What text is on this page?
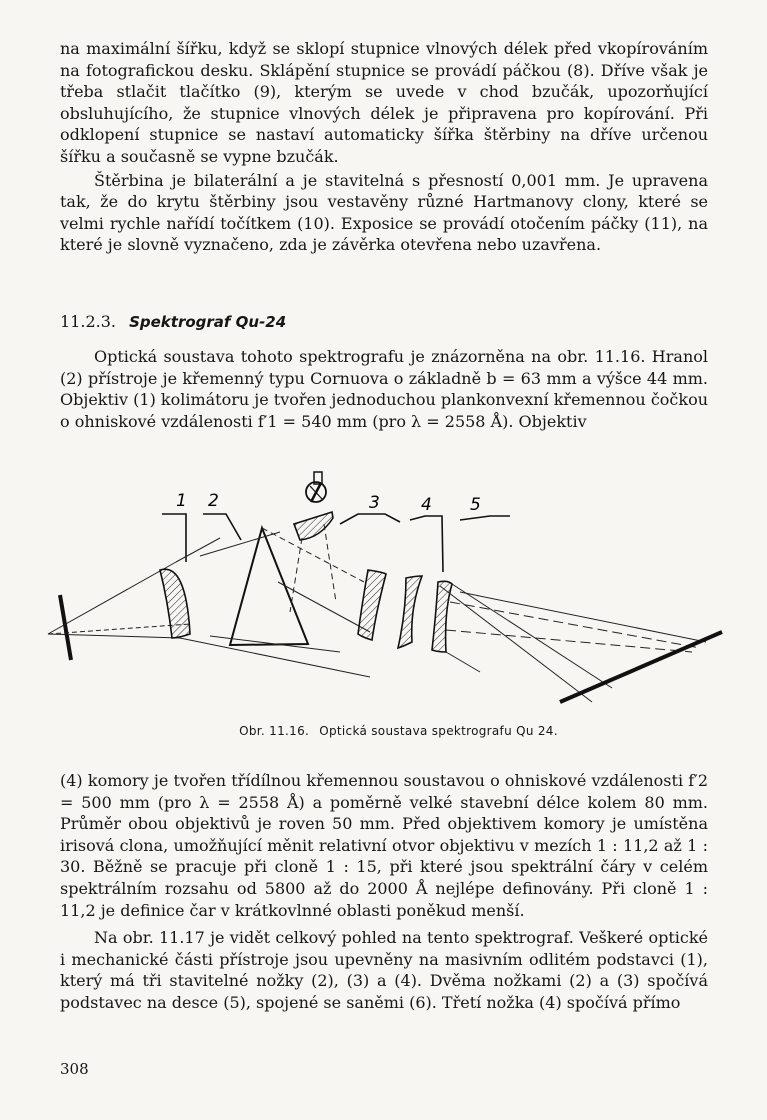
na maximální šířku, když se sklopí stupnice vlnových délek před vkopírováním na fotografickou desku. Sklápění stupnice se provádí páčkou (8). Dříve však je třeba stlačit tlačítko (9), kterým se uvede v chod bzučák, upozorňující obsluhujícího, že stupnice vlnových délek je připravena pro kopírování. Při odklopení stupnice se nastaví automaticky šířka štěrbiny na dříve určenou šířku a současně se vypne bzučák.

Štěrbina je bilaterální a je stavitelná s přesností 0,001 mm. Je upravena tak, že do krytu štěrbiny jsou vestavěny různé Hartmanovy clony, které se velmi rychle nařídí točítkem (10). Exposice se provádí otočením páčky (11), na které je slovně vyznačeno, zda je závěrka otevřena nebo uzavřena.

11.2.3. Spektrograf Qu-24

Optická soustava tohoto spektrografu je znázorněna na obr. 11.16. Hranol (2) přístroje je křemenný typu Cornuova o základně b = 63 mm a výšce 44 mm. Objektiv (1) kolimátoru je tvořen jednoduchou plankonvexní křemennou čočkou o ohniskové vzdálenosti f′1 = 540 mm (pro λ = 2558 Å). Objektiv

1 2	3 4 5
Obr. 11.16. Optická soustava spektrografu Qu 24.

(4) komory je tvořen třídílnou křemennou soustavou o ohniskové vzdálenosti f′2 = 500 mm (pro λ = 2558 Å) a poměrně velké stavební délce kolem 80 mm. Průměr obou objektivů je roven 50 mm. Před objektivem komory je umístěna irisová clona, umožňující měnit relativní otvor objektivu v mezích 1 : 11,2 až 1 : 30. Běžně se pracuje při cloně 1 : 15, při které jsou spektrální čáry v celém spektrálním rozsahu od 5800 až do 2000 Å nejlépe definovány. Při cloně 1 : 11,2 je definice čar v krátkovlnné oblasti poněkud menší.

Na obr. 11.17 je vidět celkový pohled na tento spektrograf. Veškeré optické i mechanické části přístroje jsou upevněny na masivním odlitém podstavci (1), který má tři stavitelné nožky (2), (3) a (4). Dvěma nožkami (2) a (3) spočívá podstavec na desce (5), spojené se saněmi (6). Třetí nožka (4) spočívá přímo

308
